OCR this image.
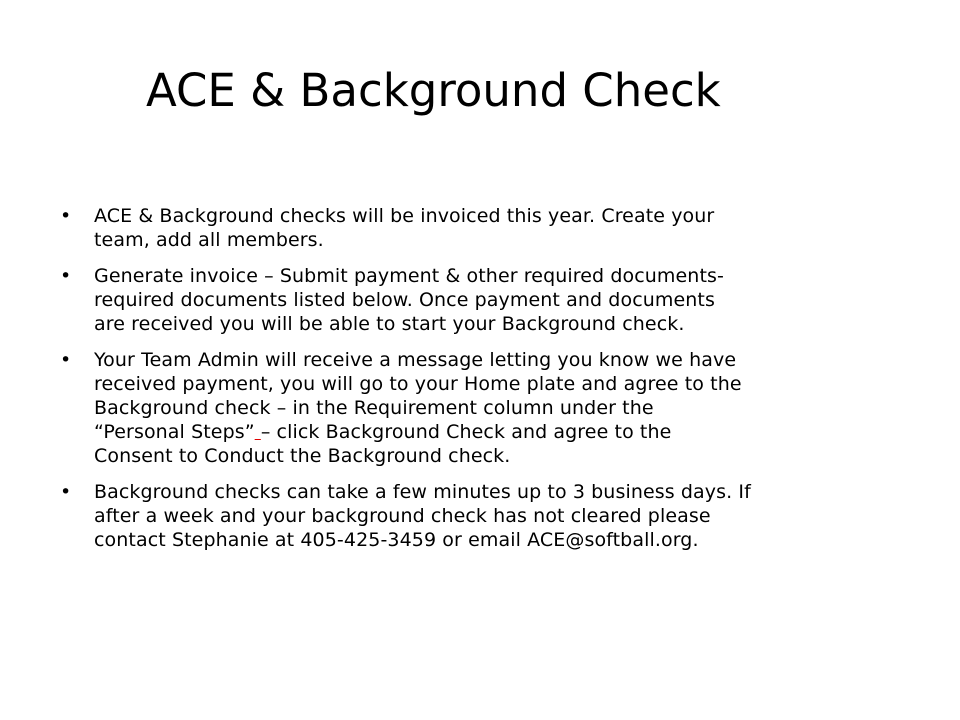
ACE & Background Check
• ACE & Background checks will be invoiced this year. Create your
team, add all members.
• Generate invoice – Submit payment & other required documents-
required documents listed below. Once payment and documents
are received you will be able to start your Background check.
• Your Team Admin will receive a message letting you know we have
received payment, you will go to your Home plate and agree to the
Background check – in the Requirement column under the
“Personal Steps” – click Background Check and agree to the
Consent to Conduct the Background check.
• Background checks can take a few minutes up to 3 business days. If
after a week and your background check has not cleared please
contact Stephanie at 405-425-3459 or email ACE@softball.org.
